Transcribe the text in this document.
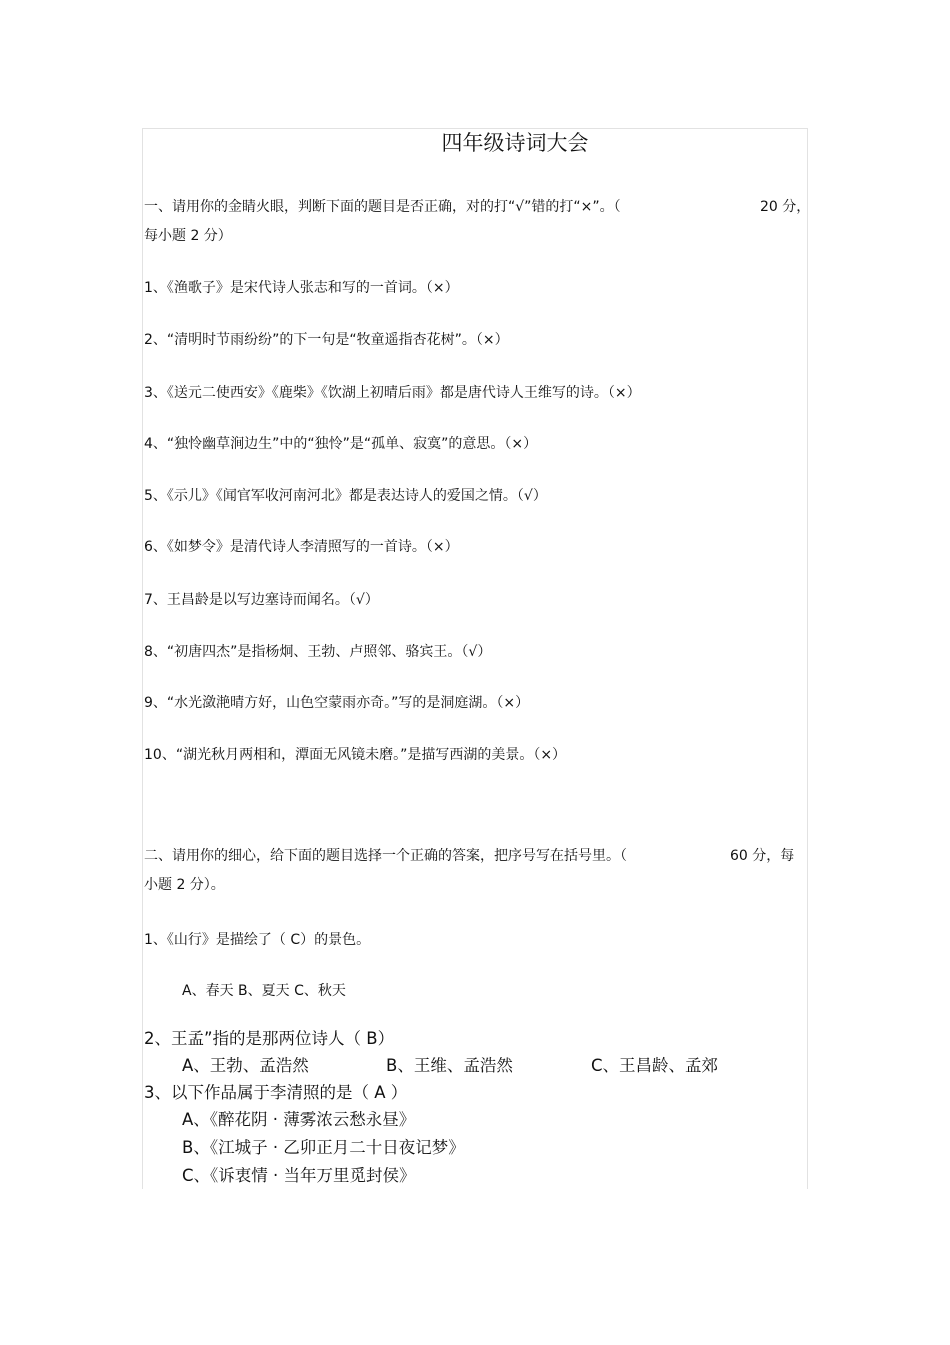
四年级诗词大会
一、请用你的金睛火眼，判断下面的题目是否正确，对的打“√”错的打“×”。（	20 分，
每小题 2 分）
1、《渔歌子》是宋代诗人张志和写的一首词。（×）
2、“清明时节雨纷纷”的下一句是“牧童遥指杏花树”。（×）
3、《送元二使西安》《鹿柴》《饮湖上初晴后雨》都是唐代诗人王维写的诗。（×）
4、“独怜幽草涧边生”中的“独怜”是“孤单、寂寞”的意思。（×）
5、《示儿》《闻官军收河南河北》都是表达诗人的爱国之情。（√）
6、《如梦令》是清代诗人李清照写的一首诗。（×）
7、王昌龄是以写边塞诗而闻名。（√）
8、“初唐四杰”是指杨炯、王勃、卢照邻、骆宾王。（√）
9、“水光潋滟晴方好，山色空蒙雨亦奇。”写的是洞庭湖。（×）
10、“湖光秋月两相和，潭面无风镜未磨。”是描写西湖的美景。（×）
二、请用你的细心，给下面的题目选择一个正确的答案，把序号写在括号里。（	60 分，每
小题 2 分）。
1、《山行》是描绘了（ C）的景色。
A、春天 B、夏天 C、秋天
2、王孟”指的是那两位诗人（ B）
A、王勃、孟浩然	B、王维、孟浩然	C、王昌龄、孟郊
3、以下作品属于李清照的是（ A ）
A、《醉花阴 · 薄雾浓云愁永昼》
B、《江城子 · 乙卯正月二十日夜记梦》
C、《诉衷情 · 当年万里觅封侯》
